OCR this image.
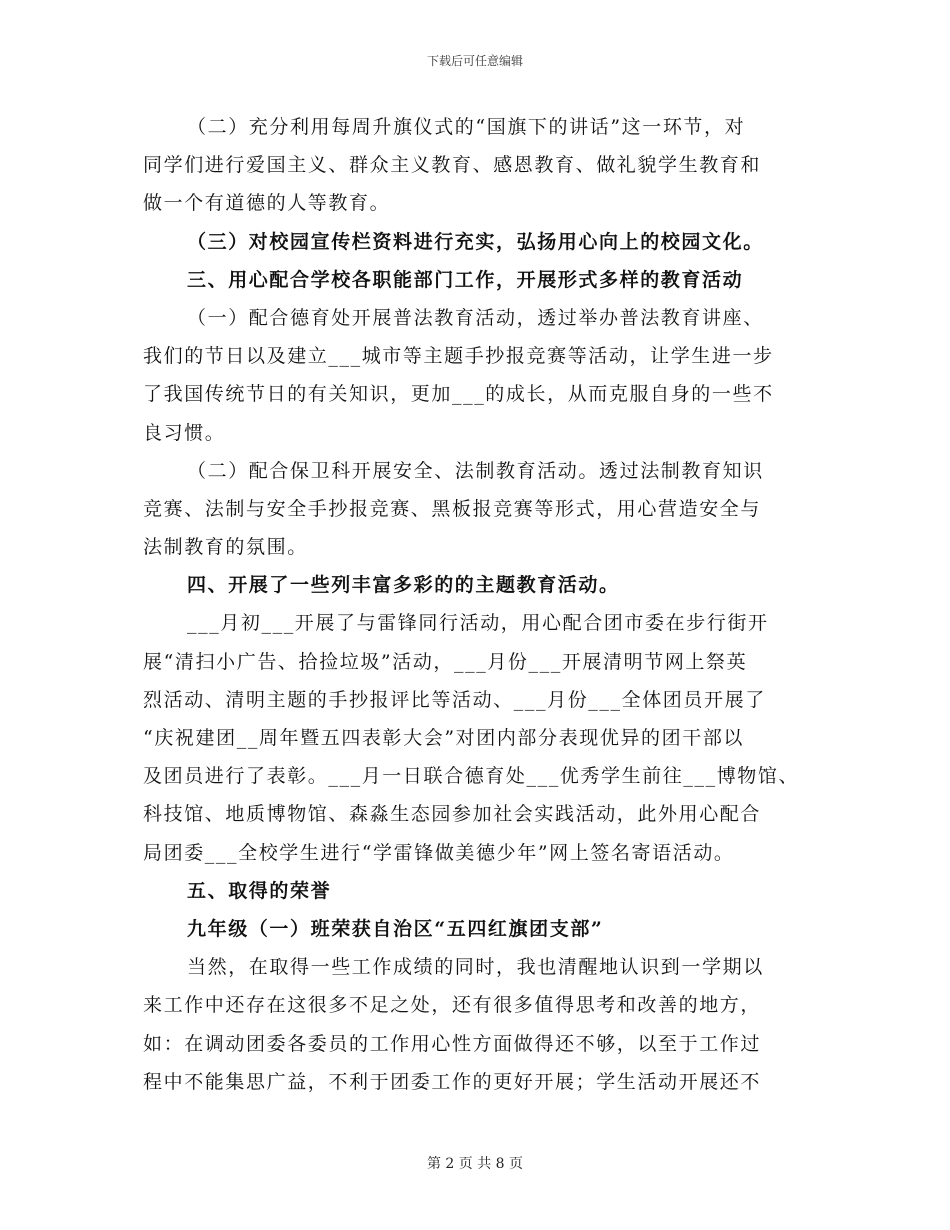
下载后可任意编辑
（二）充分利用每周升旗仪式的“国旗下的讲话”这一环节，对
同学们进行爱国主义、群众主义教育、感恩教育、做礼貌学生教育和
做一个有道德的人等教育。
（三）对校园宣传栏资料进行充实，弘扬用心向上的校园文化。
三、用心配合学校各职能部门工作，开展形式多样的教育活动
（一）配合德育处开展普法教育活动，透过举办普法教育讲座、
我们的节日以及建立___城市等主题手抄报竞赛等活动，让学生进一步
了我国传统节日的有关知识，更加___的成长，从而克服自身的一些不
良习惯。
（二）配合保卫科开展安全、法制教育活动。透过法制教育知识
竞赛、法制与安全手抄报竞赛、黑板报竞赛等形式，用心营造安全与
法制教育的氛围。
四、开展了一些列丰富多彩的的主题教育活动。
___月初___开展了与雷锋同行活动，用心配合团市委在步行街开
展“清扫小广告、拾捡垃圾”活动，___月份___开展清明节网上祭英
烈活动、清明主题的手抄报评比等活动、___月份___全体团员开展了
“庆祝建团__周年暨五四表彰大会”对团内部分表现优异的团干部以
及团员进行了表彰。___月一日联合德育处___优秀学生前往___博物馆、
科技馆、地质博物馆、森淼生态园参加社会实践活动，此外用心配合
局团委___全校学生进行“学雷锋做美德少年”网上签名寄语活动。
五、取得的荣誉
九年级（一）班荣获自治区“五四红旗团支部”
当然，在取得一些工作成绩的同时，我也清醒地认识到一学期以
来工作中还存在这很多不足之处，还有很多值得思考和改善的地方，
如：在调动团委各委员的工作用心性方面做得还不够，以至于工作过
程中不能集思广益，不利于团委工作的更好开展；学生活动开展还不
第 2 页 共 8 页
